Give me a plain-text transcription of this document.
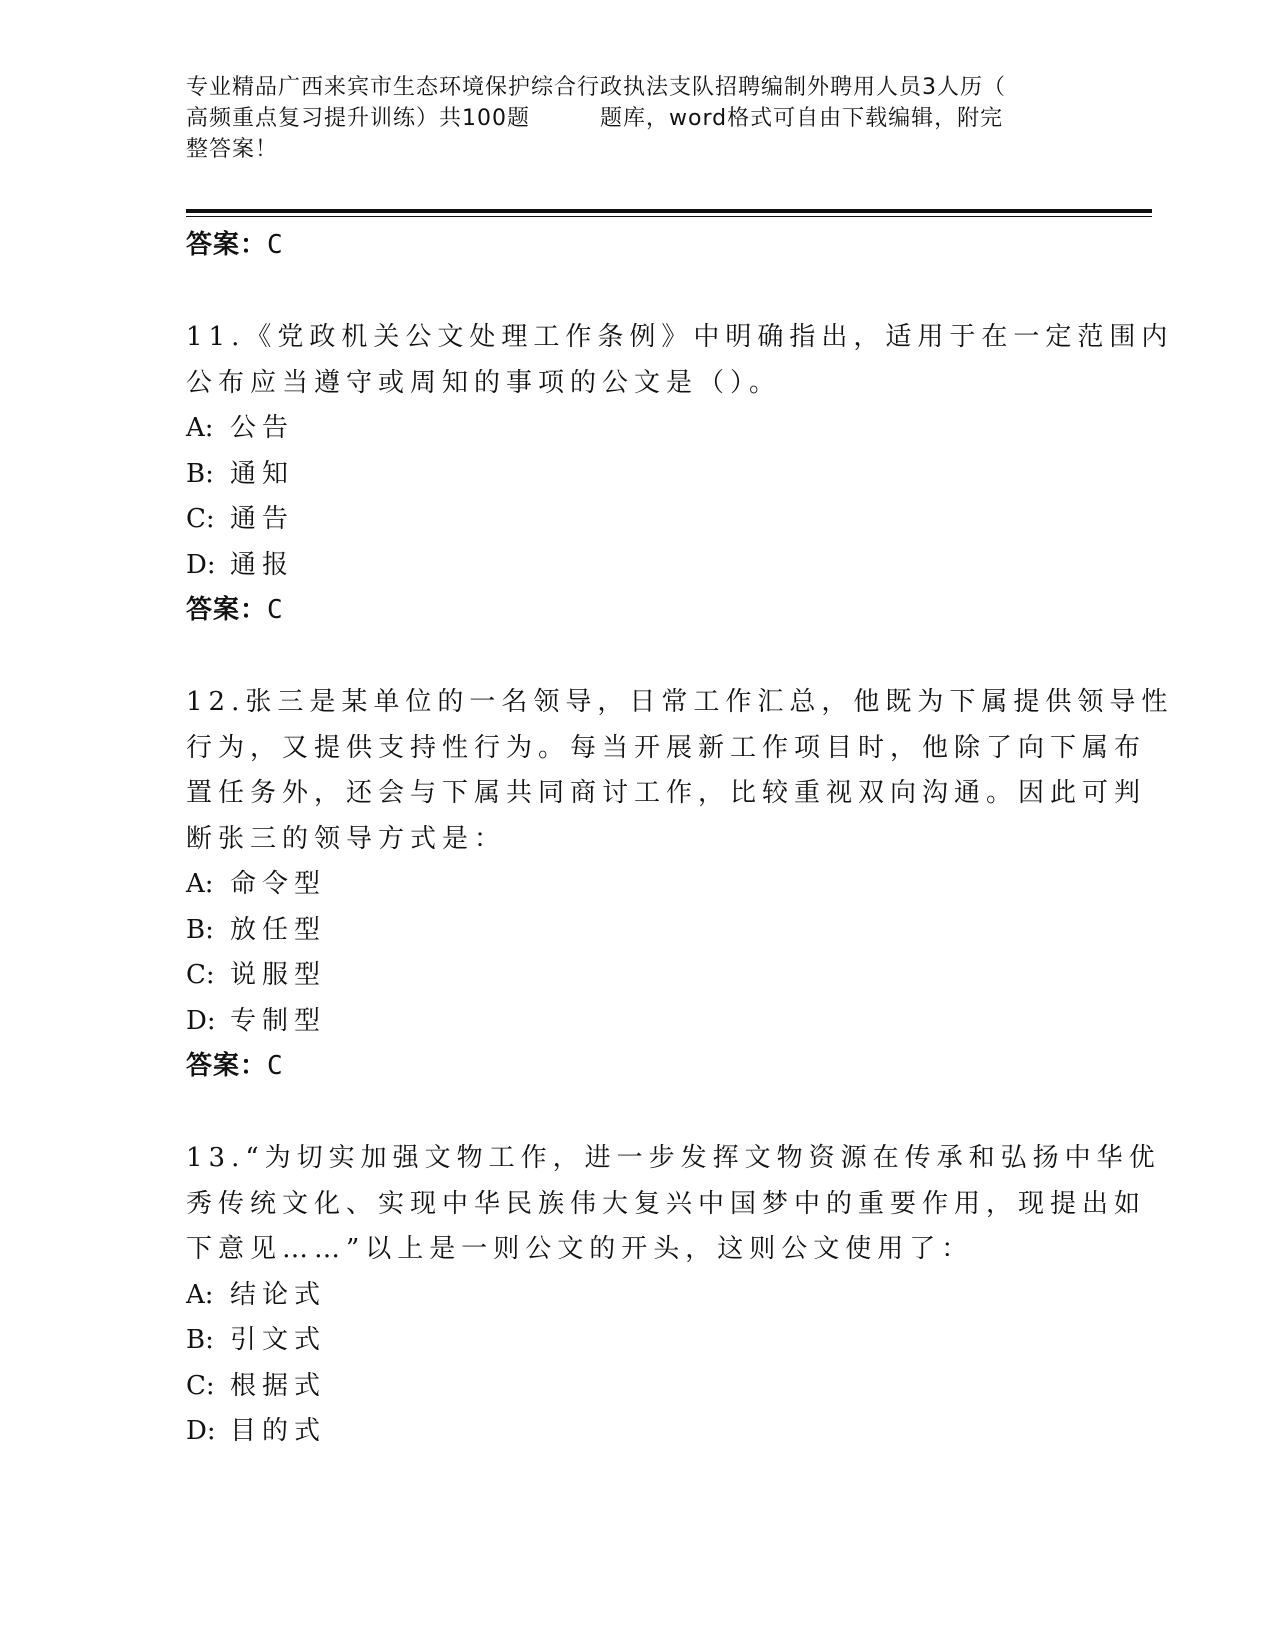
专业精品广西来宾市生态环境保护综合行政执法支队招聘编制外聘用人员3人历（
高频重点复习提升训练）共100题	题库，word格式可自由下载编辑，附完
整答案！
答案：C
11.《党政机关公文处理工作条例》中明确指出，适用于在一定范围内
公布应当遵守或周知的事项的公文是（）。
A: 公告
B: 通知
C: 通告
D: 通报
答案：C
12.张三是某单位的一名领导，日常工作汇总，他既为下属提供领导性
行为，又提供支持性行为。每当开展新工作项目时，他除了向下属布
置任务外，还会与下属共同商讨工作，比较重视双向沟通。因此可判
断张三的领导方式是：
A: 命令型
B: 放任型
C: 说服型
D: 专制型
答案：C
13.“为切实加强文物工作，进一步发挥文物资源在传承和弘扬中华优
秀传统文化、实现中华民族伟大复兴中国梦中的重要作用，现提出如
下意见……”以上是一则公文的开头，这则公文使用了：
A: 结论式
B: 引文式
C: 根据式
D: 目的式
